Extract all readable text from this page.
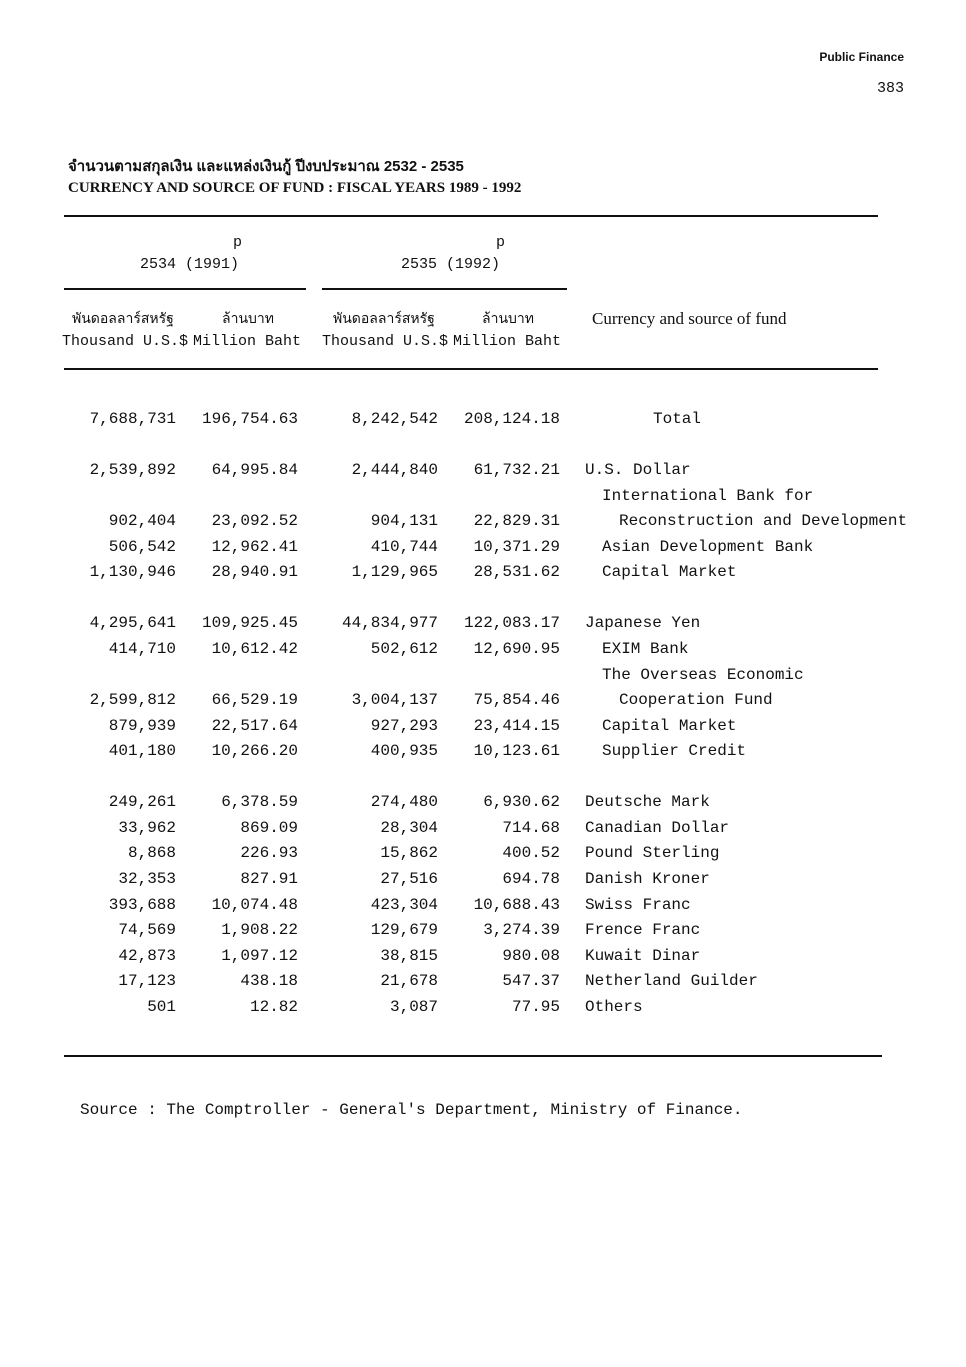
Public Finance
383
จำนวนตามสกุลเงิน และแหล่งเงินกู้ ปีงบประมาณ 2532 - 2535
CURRENCY AND SOURCE OF FUND : FISCAL YEARS 1989 - 1992
p
2534 (1991)
p
2535 (1992)
พันดอลลาร์สหรัฐ	ล้านบาท	พันดอลลาร์สหรัฐ	ล้านบาท
Thousand U.S.$ Million Baht Thousand U.S.$ Million Baht
Currency and source of fund
7,688,731 196,754.63	8,242,542 208,124.18	Total
2,539,892 64,995.84	2,444,840 61,732.21 U.S. Dollar
International Bank for
902,404 23,092.52	904,131 22,829.31	Reconstruction and Development
506,542 12,962.41	410,744 10,371.29	Asian Development Bank
1,130,946 28,940.91	1,129,965 28,531.62	Capital Market
4,295,641 109,925.45	44,834,977 122,083.17 Japanese Yen
414,710 10,612.42	502,612 12,690.95	EXIM Bank
The Overseas Economic
2,599,812 66,529.19	3,004,137 75,854.46	Cooperation Fund
879,939 22,517.64	927,293 23,414.15	Capital Market
401,180 10,266.20	400,935 10,123.61	Supplier Credit
249,261	6,378.59	274,480	6,930.62 Deutsche Mark
33,962	869.09	28,304	714.68 Canadian Dollar
8,868	226.93	15,862	400.52 Pound Sterling
32,353	827.91	27,516	694.78 Danish Kroner
393,688 10,074.48	423,304 10,688.43 Swiss Franc
74,569	1,908.22	129,679	3,274.39 Frence Franc
42,873	1,097.12	38,815	980.08 Kuwait Dinar
17,123	438.18	21,678	547.37 Netherland Guilder
501	12.82	3,087	77.95 Others
Source : The Comptroller - General's Department, Ministry of Finance.
